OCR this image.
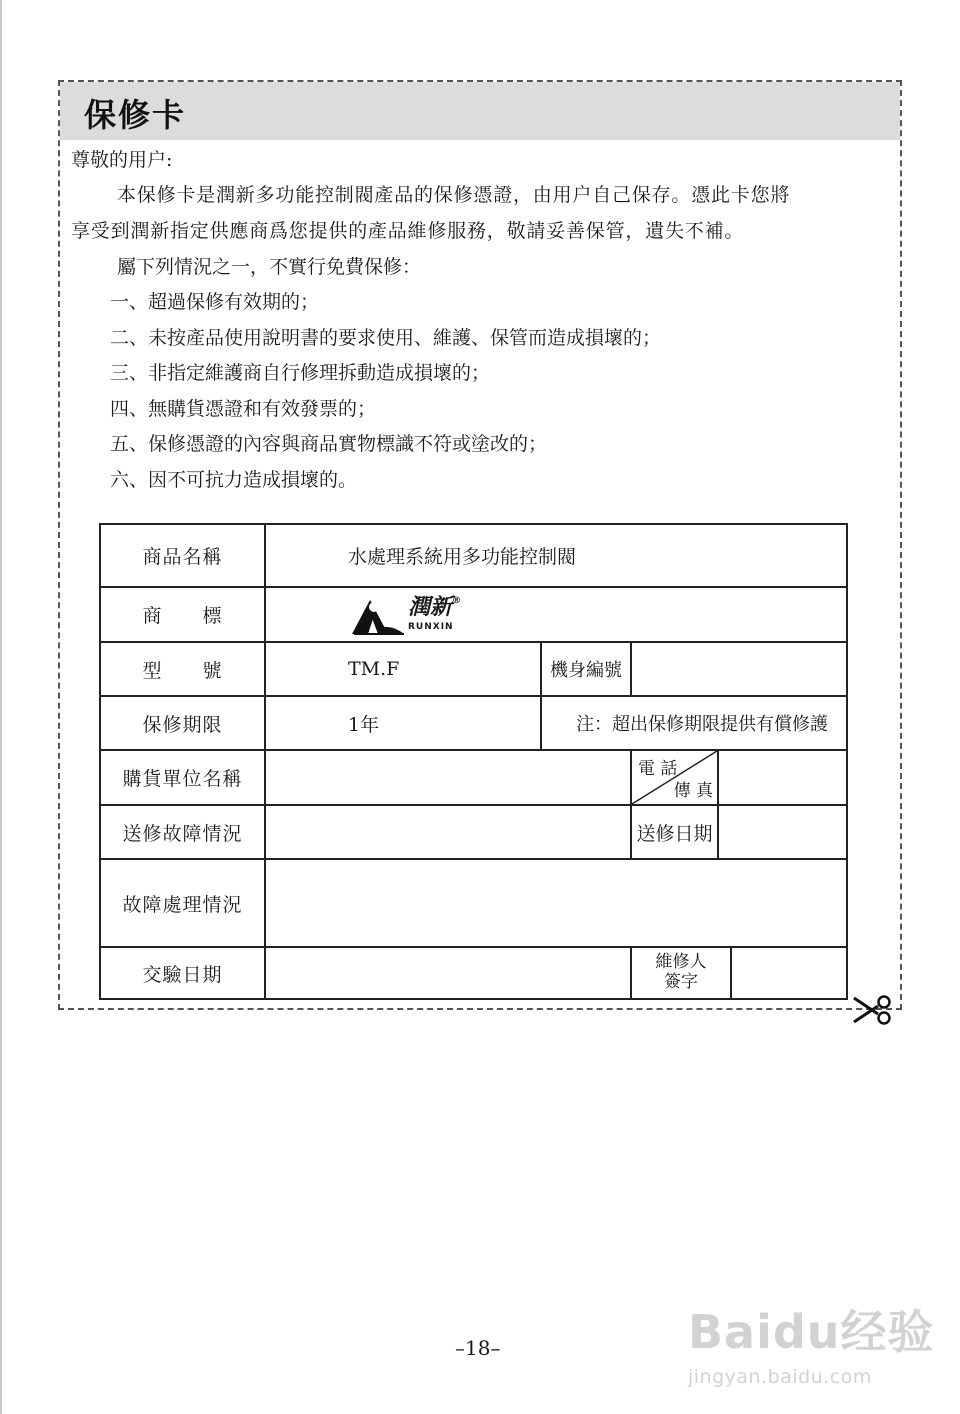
保修卡
尊敬的用户:
本保修卡是潤新多功能控制閥產品的保修憑證，由用户自己保存。憑此卡您將
享受到潤新指定供應商爲您提供的產品維修服務，敬請妥善保管，遺失不補。
屬下列情況之一，不實行免費保修：
一、超過保修有效期的；
二、未按產品使用說明書的要求使用、維護、保管而造成損壞的；
三、非指定維護商自行修理拆動造成損壞的；
四、無購貨憑證和有效發票的；
五、保修憑證的內容與商品實物標識不符或塗改的；
六、因不可抗力造成損壞的。
商品名稱	水處理系統用多功能控制閥				
商　　標	潤新®
RUNXIN				

型　　號	TM.F	機身編號			
保修期限	1年	注：超出保修期限提供有償修護			
購貨單位名稱			電 話
傳 真		

送修故障情況			送修日期		
故障處理情況					
交驗日期			維修人
簽字		

–18–	Baidu经验
jingyan.baidu.com
